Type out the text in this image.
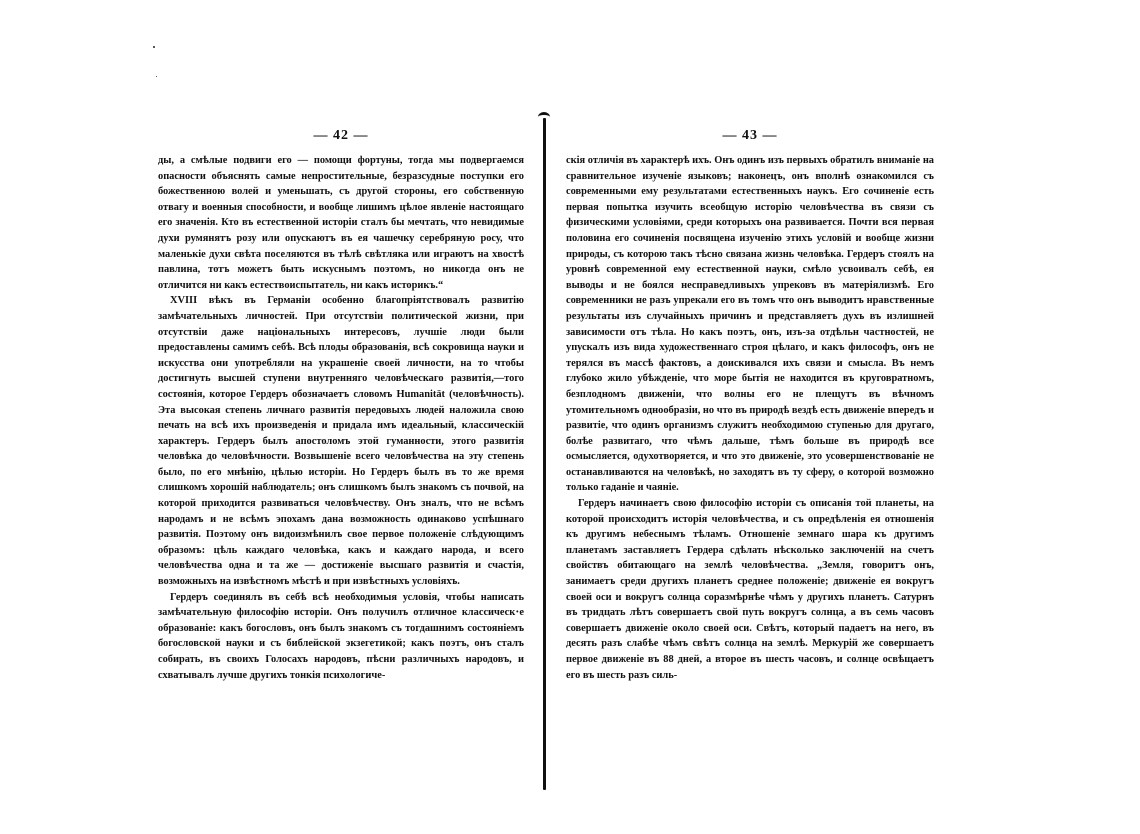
— 42 —

ды, а смѣлые подвиги его — помощи фортуны, тогда мы подвергаемся опасности объяснять самые непростительные, безразсудные поступки его божественною волей и уменьшать, съ другой стороны, его собственную отвагу и военныя способности, и вообще лишимъ цѣлое явленіе настоящаго его значенія. Кто въ естественной исторіи сталъ бы мечтать, что невидимые духи румянятъ розу или опускаютъ въ ея чашечку серебряную росу, что маленькіе духи свѣта поселяются въ тѣлѣ свѣтляка или играютъ на хвостѣ павлина, тотъ можетъ быть искуснымъ поэтомъ, но никогда онъ не отличится ни какъ естествоиспытатель, ни какъ историкъ.“

XVIII вѣкъ въ Германіи особенно благопріятствовалъ развитію замѣчательныхъ личностей. При отсутствіи политической жизни, при отсутствіи даже національныхъ интересовъ, лучшіе люди были предоставлены самимъ себѣ. Всѣ плоды образованія, всѣ сокровища науки и искусства они употребляли на украшеніе своей личности, на то чтобы достигнуть высшей ступени внутренняго человѣческаго развитія,—того состоянія, которое Гердеръ обозначаетъ словомъ Humanität (человѣчность). Эта высокая степень личнаго развитія передовыхъ людей наложила свою печать на всѣ ихъ произведенія и придала имъ идеальный, классическій характеръ. Гердеръ былъ апостоломъ этой гуманности, этого развитія человѣка до человѣчности. Возвышеніе всего человѣчества на эту степень было, по его мнѣнію, цѣлью исторіи. Но Гердеръ былъ въ то же время слишкомъ хорошій наблюдатель; онъ слишкомъ былъ знакомъ съ почвой, на которой приходится развиваться человѣчеству. Онъ зналъ, что не всѣмъ народамъ и не всѣмъ эпохамъ дана возможность одинаково успѣшнаго развитія. Поэтому онъ видоизмѣнилъ свое первое положеніе слѣдующимъ образомъ: цѣль каждаго человѣка, какъ и каждаго народа, и всего человѣчества одна и та же — достиженіе высшаго развитія и счастія, возможныхъ на извѣстномъ мѣстѣ и при извѣстныхъ условіяхъ.

Гердеръ соединялъ въ себѣ всѣ необходимыя условія, чтобы написать замѣчательную философію исторіи. Онъ получилъ отличное классическ⋅е образованіе: какъ богословъ, онъ былъ знакомъ съ тогдашнимъ состояніемъ богословской науки и съ библейской экзегетикой; какъ поэтъ, онъ сталъ собирать, въ своихъ Голосахъ народовъ, пѣсни различныхъ народовъ, и схватывалъ лучше другихъ тонкія психологиче-

— 43 —

скія отличія въ характерѣ ихъ. Онъ одинъ изъ первыхъ обратилъ вниманіе на сравнительное изученіе языковъ; наконецъ, онъ вполнѣ ознакомился съ современными ему результатами естественныхъ наукъ. Его сочиненіе есть первая попытка изучить всеобщую исторію человѣчества въ связи съ физическими условіями, среди которыхъ она развивается. Почти вся первая половина его сочиненія посвящена изученію этихъ условій и вообще жизни природы, съ которою такъ тѣсно связана жизнь человѣка. Гердеръ стоялъ на уровнѣ современной ему естественной науки, смѣло усвоивалъ себѣ, ея выводы и не боялся несправедливыхъ упрековъ въ матеріялизмѣ. Его современники не разъ упрекали его въ томъ что онъ выводитъ нравственные результаты изъ случайныхъ причинъ и представляетъ духъ въ излишней зависимости отъ тѣла. Но какъ поэтъ, онъ, изъ-за отдѣльн частностей, не упускалъ изъ вида художественнаго строя цѣлаго, и какъ философъ, онъ не терялся въ массѣ фактовъ, а доискивался ихъ связи и смысла. Въ немъ глубоко жило убѣжденіе, что море бытія не находится въ круговратномъ, безплодномъ движеніи, что волны его не плещутъ въ вѣчномъ утомительномъ однообразіи, но что въ природѣ вездѣ есть движеніе впередъ и развитіе, что одинъ организмъ служитъ необходимою ступенью для другаго, болѣе развитаго, что чѣмъ дальше, тѣмъ больше въ природѣ все осмысляется, одухотворяется, и что это движеніе, это усовершенствованіе не останавливаются на человѣкѣ, но заходятъ въ ту сферу, о которой возможно только гаданіе и чаяніе.

Гердеръ начинаетъ свою философію исторіи съ описанія той планеты, на которой происходитъ исторія человѣчества, и съ опредѣленія ея отношенія къ другимъ небеснымъ тѣламъ. Отношеніе земнаго шара къ другимъ планетамъ заставляетъ Гердера сдѣлать нѣсколько заключеній на счетъ свойствъ обитающаго на землѣ человѣчества. „Земля, говоритъ онъ, занимаетъ среди другихъ планетъ среднее положеніе; движеніе ея вокругъ своей оси и вокругъ солнца соразмѣрнѣе чѣмъ у другихъ планетъ. Сатурнъ въ тридцать лѣтъ совершаетъ свой путь вокругъ солнца, а въ семь часовъ совершаетъ движеніе около своей оси. Свѣтъ, который падаетъ на него, въ десять разъ слабѣе чѣмъ свѣтъ солнца на землѣ. Меркурій же совершаетъ первое движеніе въ 88 дней, а второе въ шесть часовъ, и солнце освѣщаетъ его въ шесть разъ силь-
